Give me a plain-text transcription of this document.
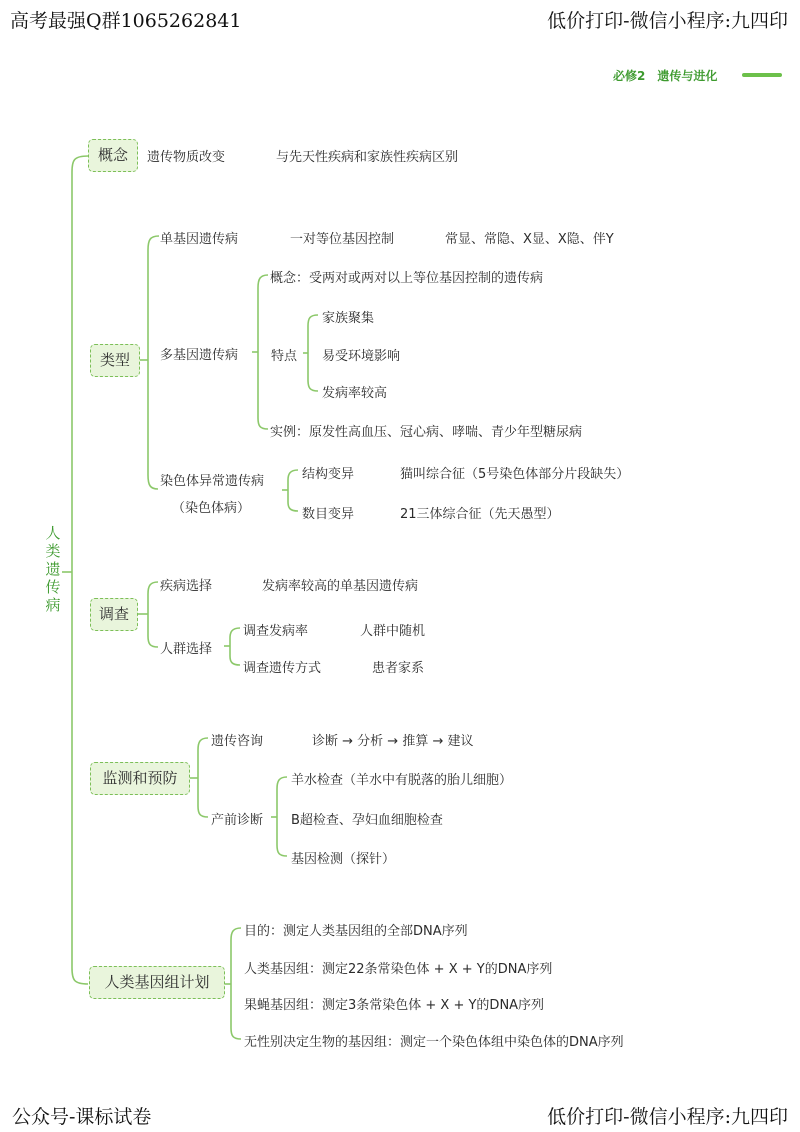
高考最强Q群1065262841	低价打印-微信小程序:九四印
公众号-课标试卷	低价打印-微信小程序:九四印
必修2　遗传与进化
人类遗传病
概念	遗传物质改变	与先天性疾病和家族性疾病区别
类型
单基因遗传病	一对等位基因控制	常显、常隐、X显、X隐、伴Y
多基因遗传病
概念：受两对或两对以上等位基因控制的遗传病
特点
家族聚集
易受环境影响
发病率较高
实例：原发性高血压、冠心病、哮喘、青少年型糖尿病
染色体异常遗传病
（染色体病）
结构变异	猫叫综合征（5号染色体部分片段缺失）
数目变异	21三体综合征（先天愚型）
调查
疾病选择	发病率较高的单基因遗传病
人群选择
调查发病率	人群中随机
调查遗传方式	患者家系
监测和预防
遗传咨询	诊断 → 分析 → 推算 → 建议
产前诊断
羊水检查（羊水中有脱落的胎儿细胞）
B超检查、孕妇血细胞检查
基因检测（探针）
人类基因组计划
目的：测定人类基因组的全部DNA序列
人类基因组：测定22条常染色体 + X + Y的DNA序列
果蝇基因组：测定3条常染色体 + X + Y的DNA序列
无性别决定生物的基因组：测定一个染色体组中染色体的DNA序列
